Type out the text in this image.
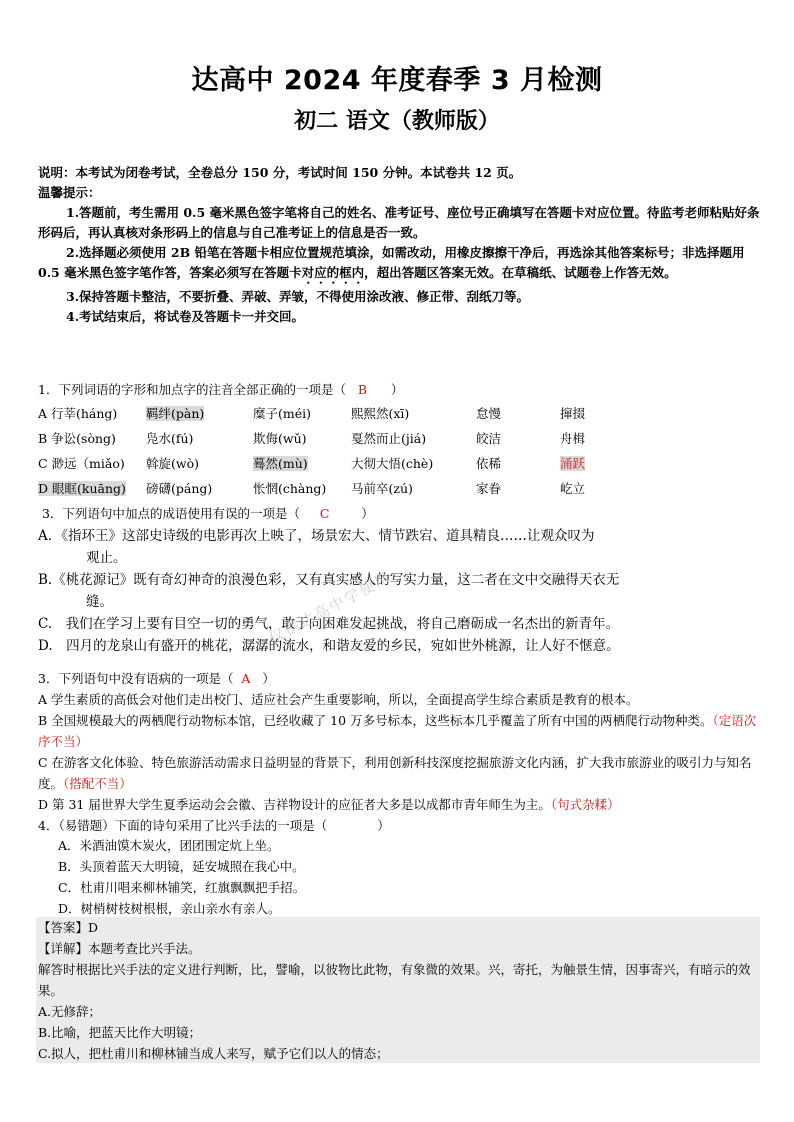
达高中 2024 年度春季 3 月检测
初二 语文（教师版）

说明：本考试为闭卷考试，全卷总分 150 分，考试时间 150 分钟。本试卷共 12 页。

温馨提示：

1.答题前，考生需用 0.5 毫米黑色签字笔将自己的姓名、准考证号、座位号正确填写在答题卡对应位置。待监考老师粘贴好条形码后，再认真核对条形码上的信息与自己准考证上的信息是否一致。

2.选择题必须使用 2B 铅笔在答题卡相应位置规范填涂，如需改动，用橡皮擦擦干净后，再选涂其他答案标号；非选择题用 0.5 毫米黑色签字笔作答，答案必须写在答题卡对应的框内，超出答题区答案无效。在草稿纸、试题卷上作答无效。

3.保持答题卡整洁，不要折叠、弄破、弄皱，不得使用涂改液、修正带、刮纸刀等。

4.考试结束后，将试卷及答题卡一并交回。

1．下列词语的字形和加点字的注音全部正确的一项是（ B ）
A 行莘(háng)	羁绊(pàn)	糜子(méi)	熙熙然(xī)	怠慢	撺掇
B 争讼(sòng)	凫水(fú)	欺侮(wǔ)	戛然而止(jiá)	皎洁	舟楫
C 渺远（miǎo)	斡旋(wò)	蓦然(mù)	大彻大悟(chè)	依稀	涌跃
D 眼眶(kuāng)	磅礴(páng)	怅惘(chàng)	马前卒(zú)	家眷	屹立
3．下列语句中加点的成语使用有误的一项是（ C	）
A．《指环王》这部史诗级的电影再次上映了，场景宏大、情节跌宕、道具精良……让观众叹为
观止。
B.《桃花源记》既有奇幻神奇的浪漫色彩，又有真实感人的写实力量，这二者在文中交融得天衣无
缝。
C.　我们在学习上要有目空一切的勇气，敢于向困难发起挑战，将自己磨砺成一名杰出的新青年。
D.　四月的龙泉山有盛开的桃花，潺潺的流水，和谐友爱的乡民，宛如世外桃源，让人好不惬意。

3．下列语句中没有语病的一项是（ A ）

A 学生素质的高低会对他们走出校门、适应社会产生重要影响，所以，全面提高学生综合素质是教育的根本。

B 全国规模最大的两栖爬行动物标本馆，已经收藏了 10 万多号标本，这些标本几乎覆盖了所有中国的两栖爬行动物种类。（定语次序不当）

C 在游客文化体验、特色旅游活动需求日益明显的背景下，利用创新科技深度挖掘旅游文化内涵，扩大我市旅游业的吸引力与知名度。（搭配不当）

D 第 31 届世界大学生夏季运动会会徽、吉祥物设计的应征者大多是以成都市青年师生为主。（句式杂糅）

4．（易错题）下面的诗句采用了比兴手法的一项是（　　　　）

A．米酒油馍木炭火，团团围定炕上坐。

B．头顶着蓝天大明镜，延安城照在我心中。

C．杜甫川唱来柳林铺笑，红旗飘飘把手招。

D．树梢树枝树根根，亲山亲水有亲人。

【答案】D

【详解】本题考查比兴手法。

解答时根据比兴手法的定义进行判断，比，譬喻，以彼物比此物，有象微的效果。兴，寄托，为触景生情，因事寄兴，有暗示的效果。

A.无修辞；

B.比喻，把蓝天比作大明镜；

C.拟人，把杜甫川和柳林铺当成人来写，赋予它们以人的情态；

仅供达高中学使用
